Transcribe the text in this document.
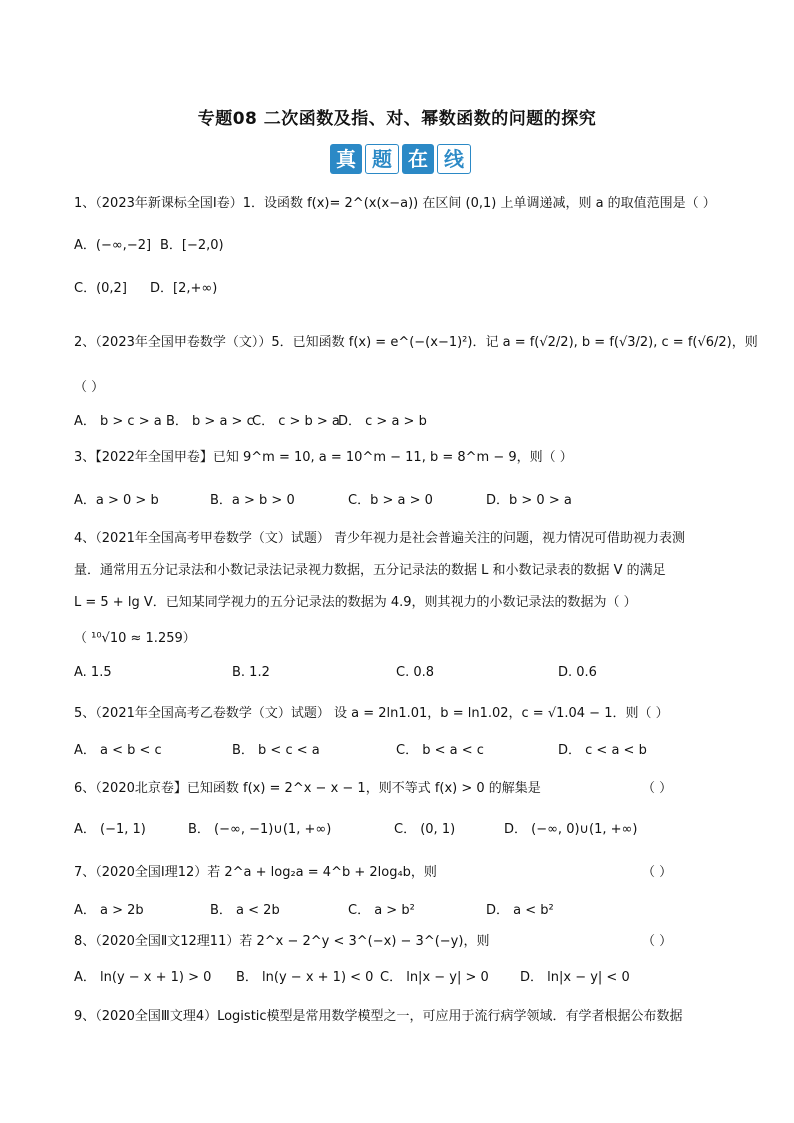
专题08 二次函数及指、对、幂数函数的问题的探究
真 题 在 线
1、（2023年新课标全国Ⅰ卷）1．设函数 f(x)= 2^(x(x−a)) 在区间 (0,1) 上单调递减，则 a 的取值范围是（ ）
A．(−∞,−2] B．[−2,0)
C．(0,2] D．[2,+∞)
2、（2023年全国甲卷数学（文））5．已知函数 f(x) = e^(−(x−1)²)．记 a = f(√2/2), b = f(√3/2), c = f(√6/2)，则
（ ）
A． b > c > a B． b > a > c
C． c > b > a
D． c > a > b
3、【2022年全国甲卷】已知 9^m = 10, a = 10^m − 11, b = 8^m − 9，则（ ）
A．a > 0 > b	B．a > b > 0	C．b > a > 0	D．b > 0 > a
4、（2021年全国高考甲卷数学（文）试题） 青少年视力是社会普遍关注的问题，视力情况可借助视力表测
量．通常用五分记录法和小数记录法记录视力数据，五分记录法的数据 L 和小数记录表的数据 V 的满足
L = 5 + lg V．已知某同学视力的五分记录法的数据为 4.9，则其视力的小数记录法的数据为（ ）
（ ¹⁰√10 ≈ 1.259）
A. 1.5	B. 1.2	C. 0.8	D. 0.6
5、（2021年全国高考乙卷数学（文）试题） 设 a = 2ln1.01，b = ln1.02，c = √1.04 − 1．则（ ）
A． a < b < c	B． b < c < a	C． b < a < c	D． c < a < b
6、（2020北京卷】已知函数 f(x) = 2^x − x − 1，则不等式 f(x) > 0 的解集是	（ ）
A． (−1, 1)	B． (−∞, −1)∪(1, +∞)	C． (0, 1)	D． (−∞, 0)∪(1, +∞)
7、（2020全国Ⅰ理12）若 2^a + log₂a = 4^b + 2log₄b，则	（ ）
A． a > 2b	B． a < 2b	C． a > b²	D． a < b²
8、（2020全国Ⅱ文12理11）若 2^x − 2^y < 3^(−x) − 3^(−y)，则	（ ）
A． ln(y − x + 1) > 0 B． ln(y − x + 1) < 0 C． ln|x − y| > 0 D． ln|x − y| < 0
9、（2020全国Ⅲ文理4）Logistic模型是常用数学模型之一，可应用于流行病学领域．有学者根据公布数据
